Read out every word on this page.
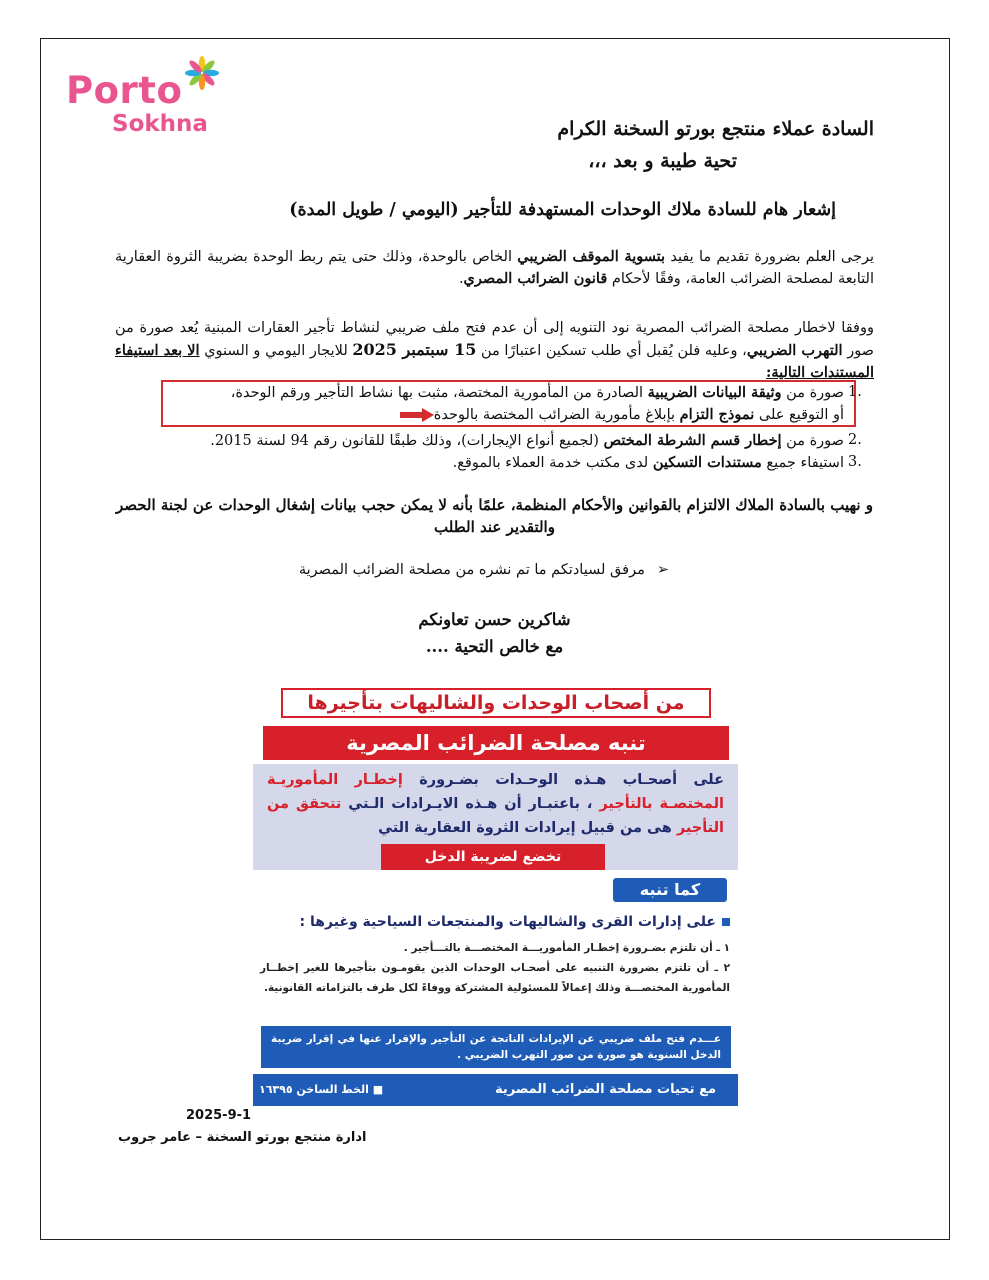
Porto
Sokhna	السادة عملاء منتجع بورتو السخنة الكرام
تحية طيبة و بعد ،،،
إشعار هام للسادة ملاك الوحدات المستهدفة للتأجير (اليومي / طويل المدة)

يرجى العلم بضرورة تقديم ما يفيد بتسوية الموقف الضريبي الخاص بالوحدة، وذلك حتى يتم ربط الوحدة بضريبة الثروة العقارية التابعة لمصلحة الضرائب العامة، وفقًا لأحكام قانون الضرائب المصري.

ووفقا لاخطار مصلحة الضرائب المصرية نود التنويه إلى أن عدم فتح ملف ضريبي لنشاط تأجير العقارات المبنية يُعد صورة من صور التهرب الضريبي، وعليه فلن يُقبل أي طلب تسكين اعتبارًا من 15 سبتمبر 2025 للايجار اليومي و السنوي الا بعد استيفاء المستندات التالية:

1.
صورة من وثيقة البيانات الضريبية الصادرة من المأمورية المختصة، مثبت بها نشاط التأجير ورقم الوحدة،
أو التوقيع على نموذج التزام بإبلاغ مأمورية الضرائب المختصة بالوحدة
2.
صورة من إخطار قسم الشرطة المختص (لجميع أنواع الإيجارات)، وذلك طبقًا للقانون رقم 94 لسنة 2015.
3.
استيفاء جميع مستندات التسكين لدى مكتب خدمة العملاء بالموقع.
و نهيب بالسادة الملاك الالتزام بالقوانين والأحكام المنظمة، علمًا بأنه لا يمكن حجب بيانات إشغال الوحدات عن لجنة الحصر
والتقدير عند الطلب
➢مرفق لسيادتكم ما تم نشره من مصلحة الضرائب المصرية
شاكرين حسن تعاونكم
مع خالص التحية ....
من أصحاب الوحدات والشاليهات بتأجيرها
تنبه مصلحة الضرائب المصرية
على أصحـاب هـذه الوحـدات بضـرورة إخطـار المأموريـة المختصـة بالتأجير ، باعتبـار أن هـذه الايـرادات الـتي تتحقق من التأجير هى من قبيل إيرادات الثروة العقارية التي
تخضع لضريبة الدخل
كما تنبه
على إدارات القرى والشاليهات والمنتجعات السياحية وغيرها :
١ ـ أن تلتزم بضـرورة إخطـار المأموريـــة المختصـــة بالتـــأجير .
٢ ـ أن تلتزم بضرورة التنبيه على أصحـاب الوحدات الذين يقومـون بتأجيرها للغير إخطــار المأمورية المختصـــة وذلك إعمالاً للمسئولية المشتركة ووفاءً لكل طرف بالتزاماته القانونية.
عـــدم فتح ملف ضريبي عن الإيرادات الناتجة عن التأجير والإقرار عنها في إقرار ضريبة الدخل السنوية هو صورة من صور التهرب الضريبي .
مع تحيات مصلحة الضرائب المصرية
■ الخط الساخن ١٦٣٩٥
2025-9-1
ادارة منتجع بورتو السخنة – عامر جروب
